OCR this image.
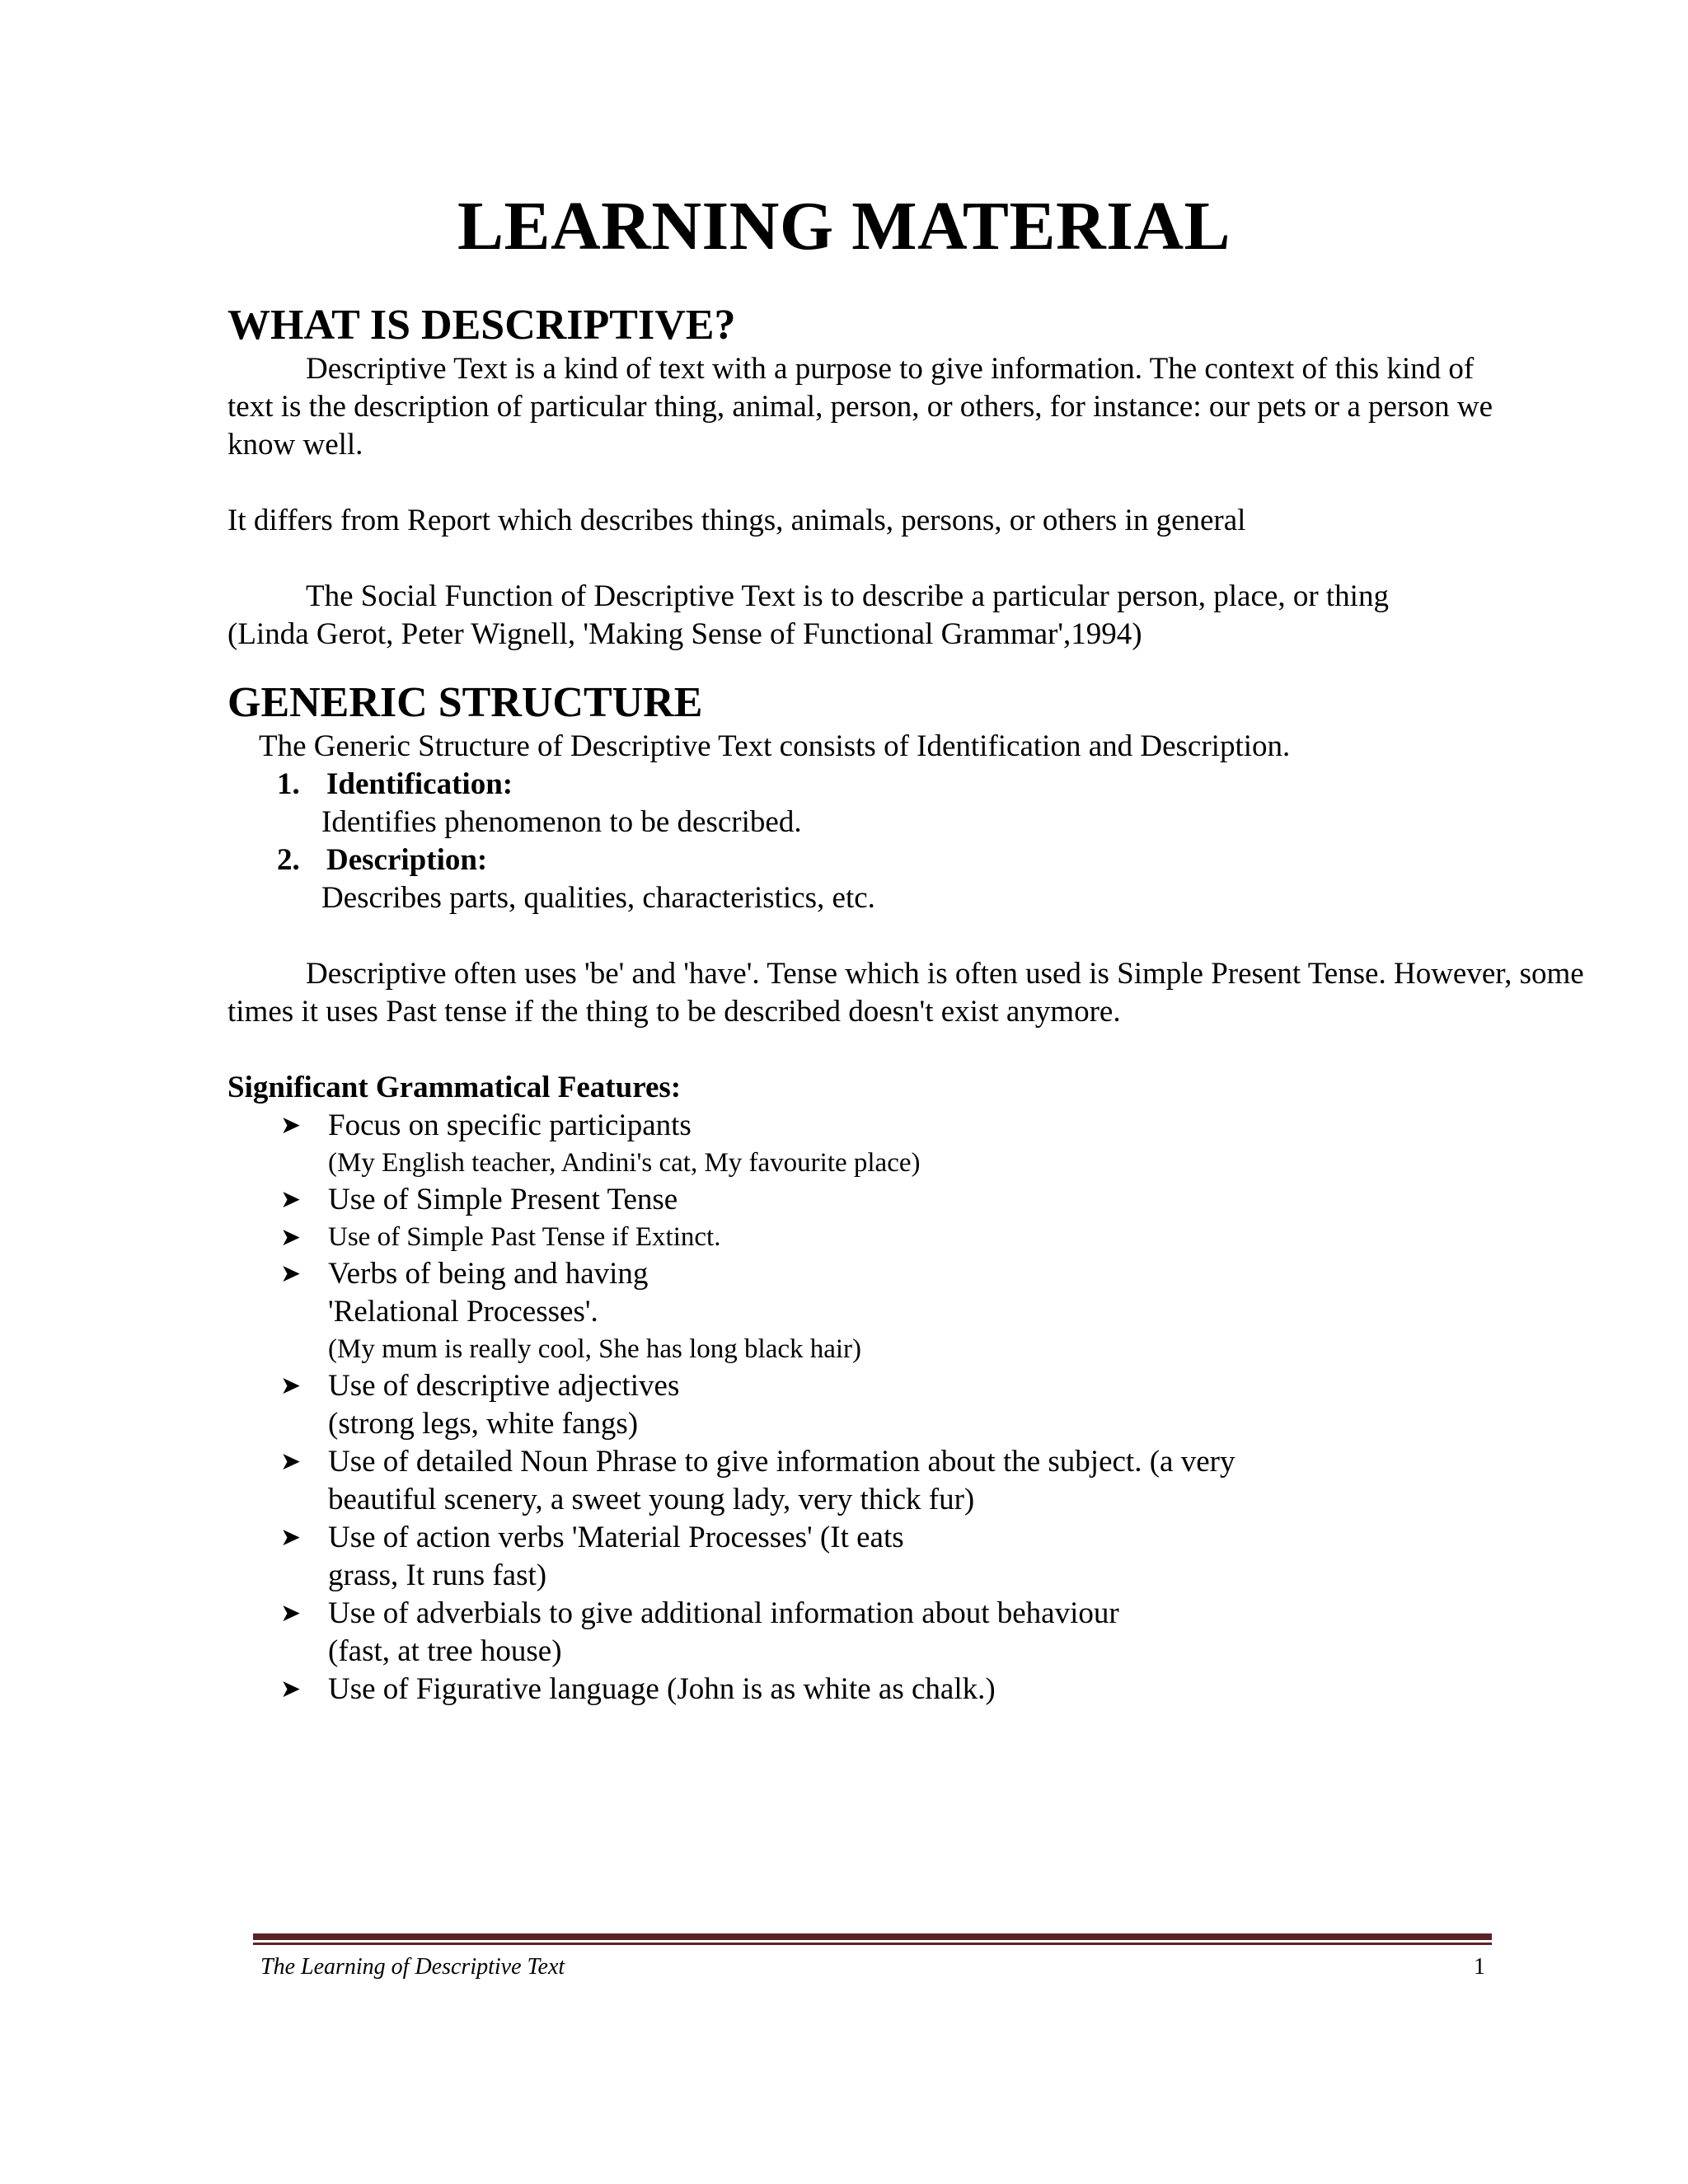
LEARNING MATERIAL
WHAT IS DESCRIPTIVE?

Descriptive Text is a kind of text with a purpose to give information. The context of this kind of text is the description of particular thing, animal, person, or others, for instance: our pets or a person we know well.

It differs from Report which describes things, animals, persons, or others in general

The Social Function of Descriptive Text is to describe a particular person, place, or thing (Linda Gerot, Peter Wignell, 'Making Sense of Functional Grammar',1994)

GENERIC STRUCTURE

The Generic Structure of Descriptive Text consists of Identification and Description.

1. Identification:
Identifies phenomenon to be described.
2. Description:
Describes parts, qualities, characteristics, etc.

Descriptive often uses 'be' and 'have'. Tense which is often used is Simple Present Tense. However, some times it uses Past tense if the thing to be described doesn't exist anymore.

Significant Grammatical Features:

➤ Focus on specific participants
(My English teacher, Andini's cat, My favourite place)
➤ Use of Simple Present Tense
➤ Use of Simple Past Tense if Extinct.
➤ Verbs of being and having
'Relational Processes'.
(My mum is really cool, She has long black hair)
➤ Use of descriptive adjectives
(strong legs, white fangs)
➤ Use of detailed Noun Phrase to give information about the subject. (a very beautiful scenery, a sweet young lady, very thick fur)
➤ Use of action verbs 'Material Processes' (It eats grass, It runs fast)
➤ Use of adverbials to give additional information about behaviour
(fast, at tree house)
➤ Use of Figurative language (John is as white as chalk.)
The Learning of Descriptive Text	1
